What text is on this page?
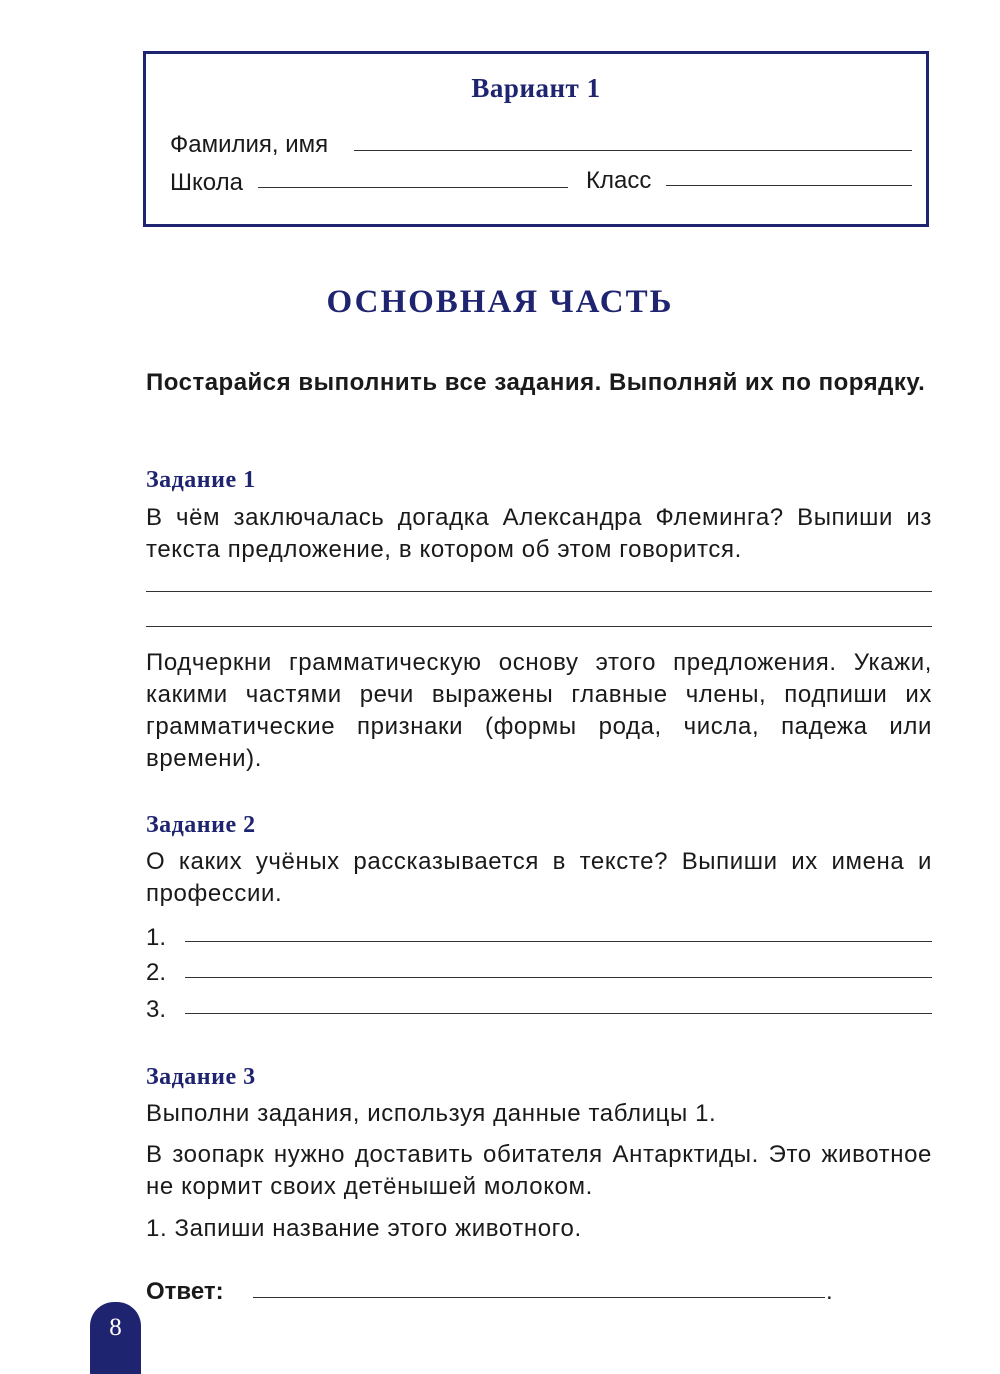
Вариант 1
Фамилия, имя
Школа	Класс
ОСНОВНАЯ ЧАСТЬ
Постарайся выполнить все задания. Выполняй их по порядку.
Задание 1
В чём заключалась догадка Александра Флеминга? Выпиши из текста предложение, в котором об этом говорится.
Подчеркни грамматическую основу этого предложения. Укажи, какими частями речи выражены главные члены, подпиши их грамматические признаки (формы рода, числа, падежа или времени).
Задание 2
О каких учёных рассказывается в тексте? Выпиши их имена и профессии.
1.
2.
3.
Задание 3
Выполни задания, используя данные таблицы 1.
В зоопарк нужно доставить обитателя Антарктиды. Это животное не кормит своих детёнышей молоком.
1. Запиши название этого животного.
Ответ:	.
8
